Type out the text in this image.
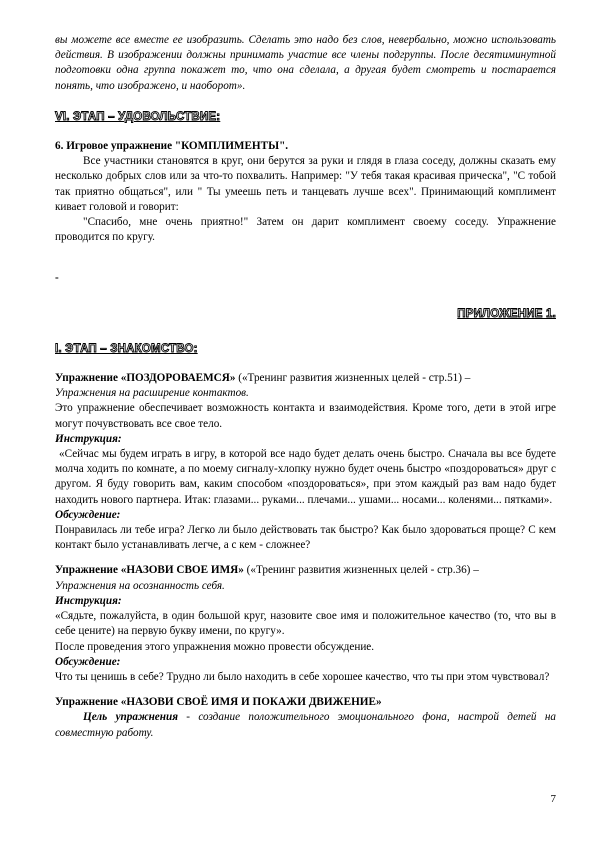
вы можете все вместе ее изобразить. Сделать это надо без слов, невербально, можно использовать действия. В изображении должны принимать участие все члены подгруппы. После десятиминутной подготовки одна группа покажет то, что она сделала, а другая будет смотреть и постарается понять, что изображено, и наоборот».

VI. ЭТАП – УДОВОЛЬСТВИЕ:

6. Игровое упражнение "КОМПЛИМЕНТЫ".

Все участники становятся в круг, они берутся за руки и глядя в глаза соседу, должны сказать ему несколько добрых слов или за что-то похвалить. Например: "У тебя такая красивая прическа", "С тобой так приятно общаться", или " Ты умеешь петь и танцевать лучше всех". Принимающий комплимент кивает головой и говорит:

"Спасибо, мне очень приятно!" Затем он дарит комплимент своему соседу. Упражнение проводится по кругу.

-

ПРИЛОЖЕНИЕ 1.

I. ЭТАП – ЗНАКОМСТВО:

Упражнение «ПОЗДОРОВАЕМСЯ» («Тренинг развития жизненных целей - стр.51) –

Упражнения на расширение контактов.

Это упражнение обеспечивает возможность контакта и взаимодействия. Кроме того, дети в этой игре могут почувствовать все свое тело.

Инструкция:

«Сейчас мы будем играть в игру, в которой все надо будет делать очень быстро. Сначала вы все будете молча ходить по комнате, а по моему сигналу-хлопку нужно будет очень быстро «поздороваться» друг с другом. Я буду говорить вам, каким способом «поздороваться», при этом каждый раз вам надо будет находить нового партнера. Итак: глазами... руками... плечами... ушами... носами... коленями... пятками».

Обсуждение:

Понравилась ли тебе игра? Легко ли было действовать так быстро? Как было здороваться проще? С кем контакт было устанавливать легче, а с кем - сложнее?

Упражнение «НАЗОВИ СВОЕ ИМЯ» («Тренинг развития жизненных целей - стр.36) –

Упражнения на осознанность себя.

Инструкция:

«Сядьте, пожалуйста, в один большой круг, назовите свое имя и положительное качество (то, что вы в себе цените) на первую букву имени, по кругу».

После проведения этого упражнения можно провести обсуждение.

Обсуждение:

Что ты ценишь в себе? Трудно ли было находить в себе хорошее качество, что ты при этом чувствовал?

Упражнение «НАЗОВИ СВОЁ ИМЯ И ПОКАЖИ ДВИЖЕНИЕ»

Цель упражнения - создание положительного эмоционального фона, настрой детей на совместную работу.

7
